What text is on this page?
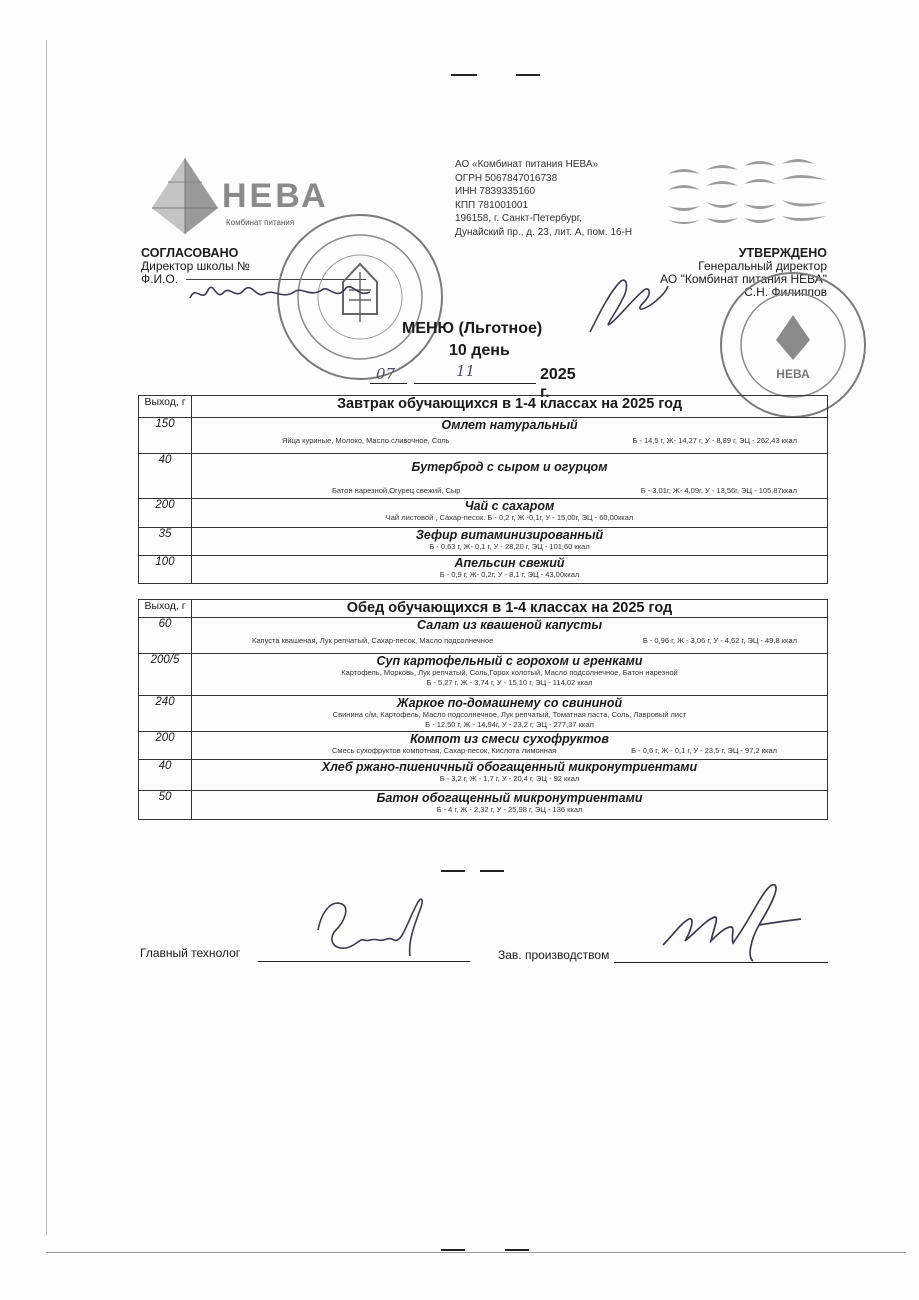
НЕВА
Комбинат питания
АО «Комбинат питания НЕВА»
ОГРН 5067847016738
ИНН 7839335160
КПП 781001001
196158, г. Санкт-Петербург,
Дунайский пр., д. 23, лит. А, пом. 16-Н
СОГЛАСОВАНО
Директор школы №
Ф.И.О.
УТВЕРЖДЕНО
Генеральный директор
АО "Комбинат питания НЕВА"
С.Н. Филиппов
НЕВА
МЕНЮ (Льготное)
10 день
07	11	2025 г.
Выход, г	Завтрак обучающихся в 1-4 классах на 2025 год
150	Омлет натуральный
Яйца куриные, Молоко, Масло сливочное, Соль Б - 14,5 г, Ж- 14,27 г, У - 8,89 г, ЭЦ - 262,43 ккал

40	Бутерброд с сыром и огурцом
Батон нарезной,Огурец свежий, Сыр Б - 3,01г, Ж- 4,09г, У - 13,56г, ЭЦ - 105,87ккал

200	Чай с сахаром
Чай листовой , Сахар-песок. Б - 0,2 г, Ж -0,1г, У - 15,00г, ЭЦ - 60,00ккал

35	Зефир витаминизированный
Б - 0,63 г, Ж- 0,1 г, У - 28,20 г, ЭЦ - 101,60 ккал

100	Апельсин свежий
Б - 0,9 г, Ж- 0,2г, У - 8,1 г, ЭЦ - 43,00ккал
Выход, г	Обед обучающихся в 1-4 классах на 2025 год
60	Салат из квашеной капусты
Капуста квашеная, Лук репчатый, Сахар-песок, Масло подсолнечное Б - 0,96 г, Ж - 3,06 г, У - 4,62 г, ЭЦ - 49,8 ккал

200/5	Суп картофельный с горохом и гренками
Картофель, Морковь, Лук репчатый, Соль,Горох колотый, Масло подсолнечное, Батон нарезной
Б - 5,27 г, Ж - 3,74 г, У - 15,10 г, ЭЦ - 114,02 ккал

240	Жаркое по-домашнему со свининой
Свинина с/м, Картофель, Масло подсолнечное, Лук репчатый, Томатная паста, Соль, Лавровый лист
Б - 12,50 г, Ж - 14,94г, У - 23,2 г, ЭЦ - 277,37 ккал

200	Компот из смеси сухофруктов
Смесь сухофруктов компотная, Сахар-песок, Кислота лимонная Б - 0,6 г, Ж - 0,1 г, У - 23,5 г, ЭЦ - 97,2 ккал

40	Хлеб ржано-пшеничный обогащенный микронутриентами
Б - 3,2 г, Ж - 1,7 г, У - 20,4 г, ЭЦ - 92 ккал

50	Батон обогащенный микронутриентами
Б - 4 г, Ж - 2,32 г, У - 25,98 г, ЭЦ - 136 ккал
Главный технолог	Зав. производством
